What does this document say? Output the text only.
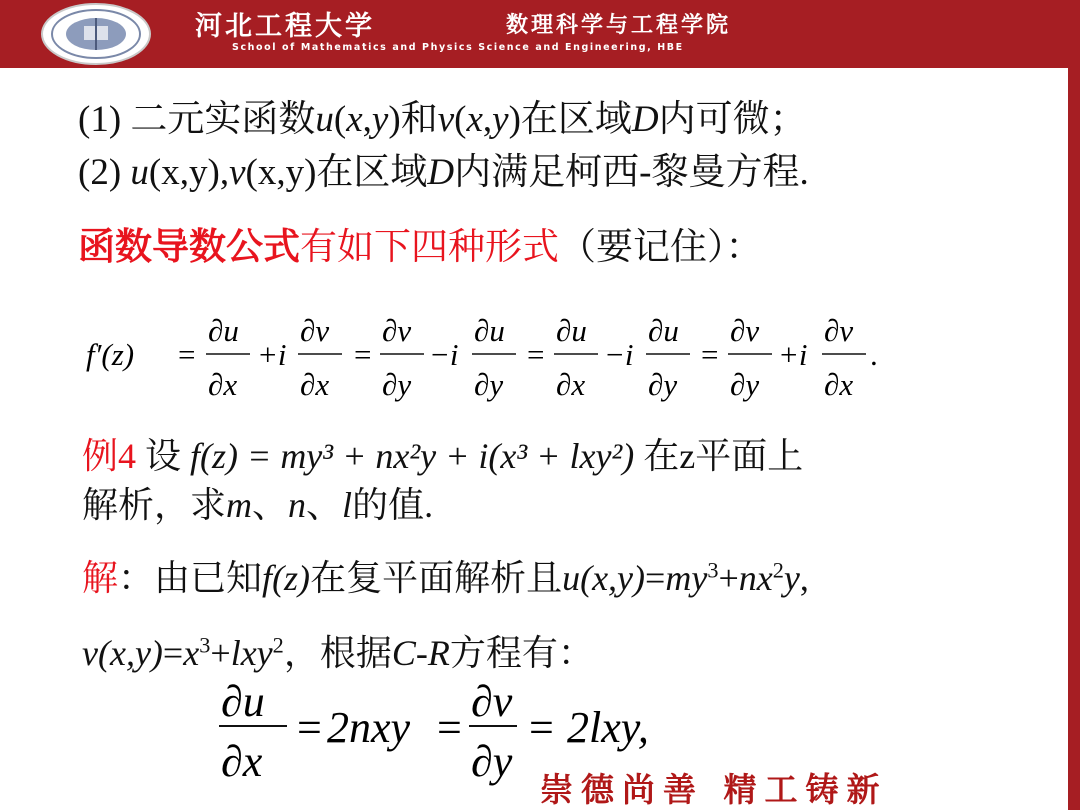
河北工程大学	数理科学与工程学院
School of Mathematics and Physics Science and Engineering, HBE
(1) 二元实函数u(x,y)和v(x,y)在区域D内可微；
(2) u(x,y),v(x,y)在区域D内满足柯西-黎曼方程.
函数导数公式有如下四种形式（要记住）：
f′(z) =
∂u
∂x
+i
∂v
∂x
=
∂v
∂y
−i
∂u
∂y
=
∂u
∂x
−i
∂u
∂y
=
∂v
∂y
+i
∂v
∂x
.
例4 设 f(z) = my³ + nx²y + i(x³ + lxy²) 在z平面上
解析，求m、n、l的值.
解：由已知f(z)在复平面解析且$u(x,y)=my^3+nx^2y$,
$v(x,y)=x^3+lxy^2$，根据C-R方程有：
∂u
∂x
= 2nxy =
∂v
∂y
= 2lxy,
崇德尚善 精工铸新
